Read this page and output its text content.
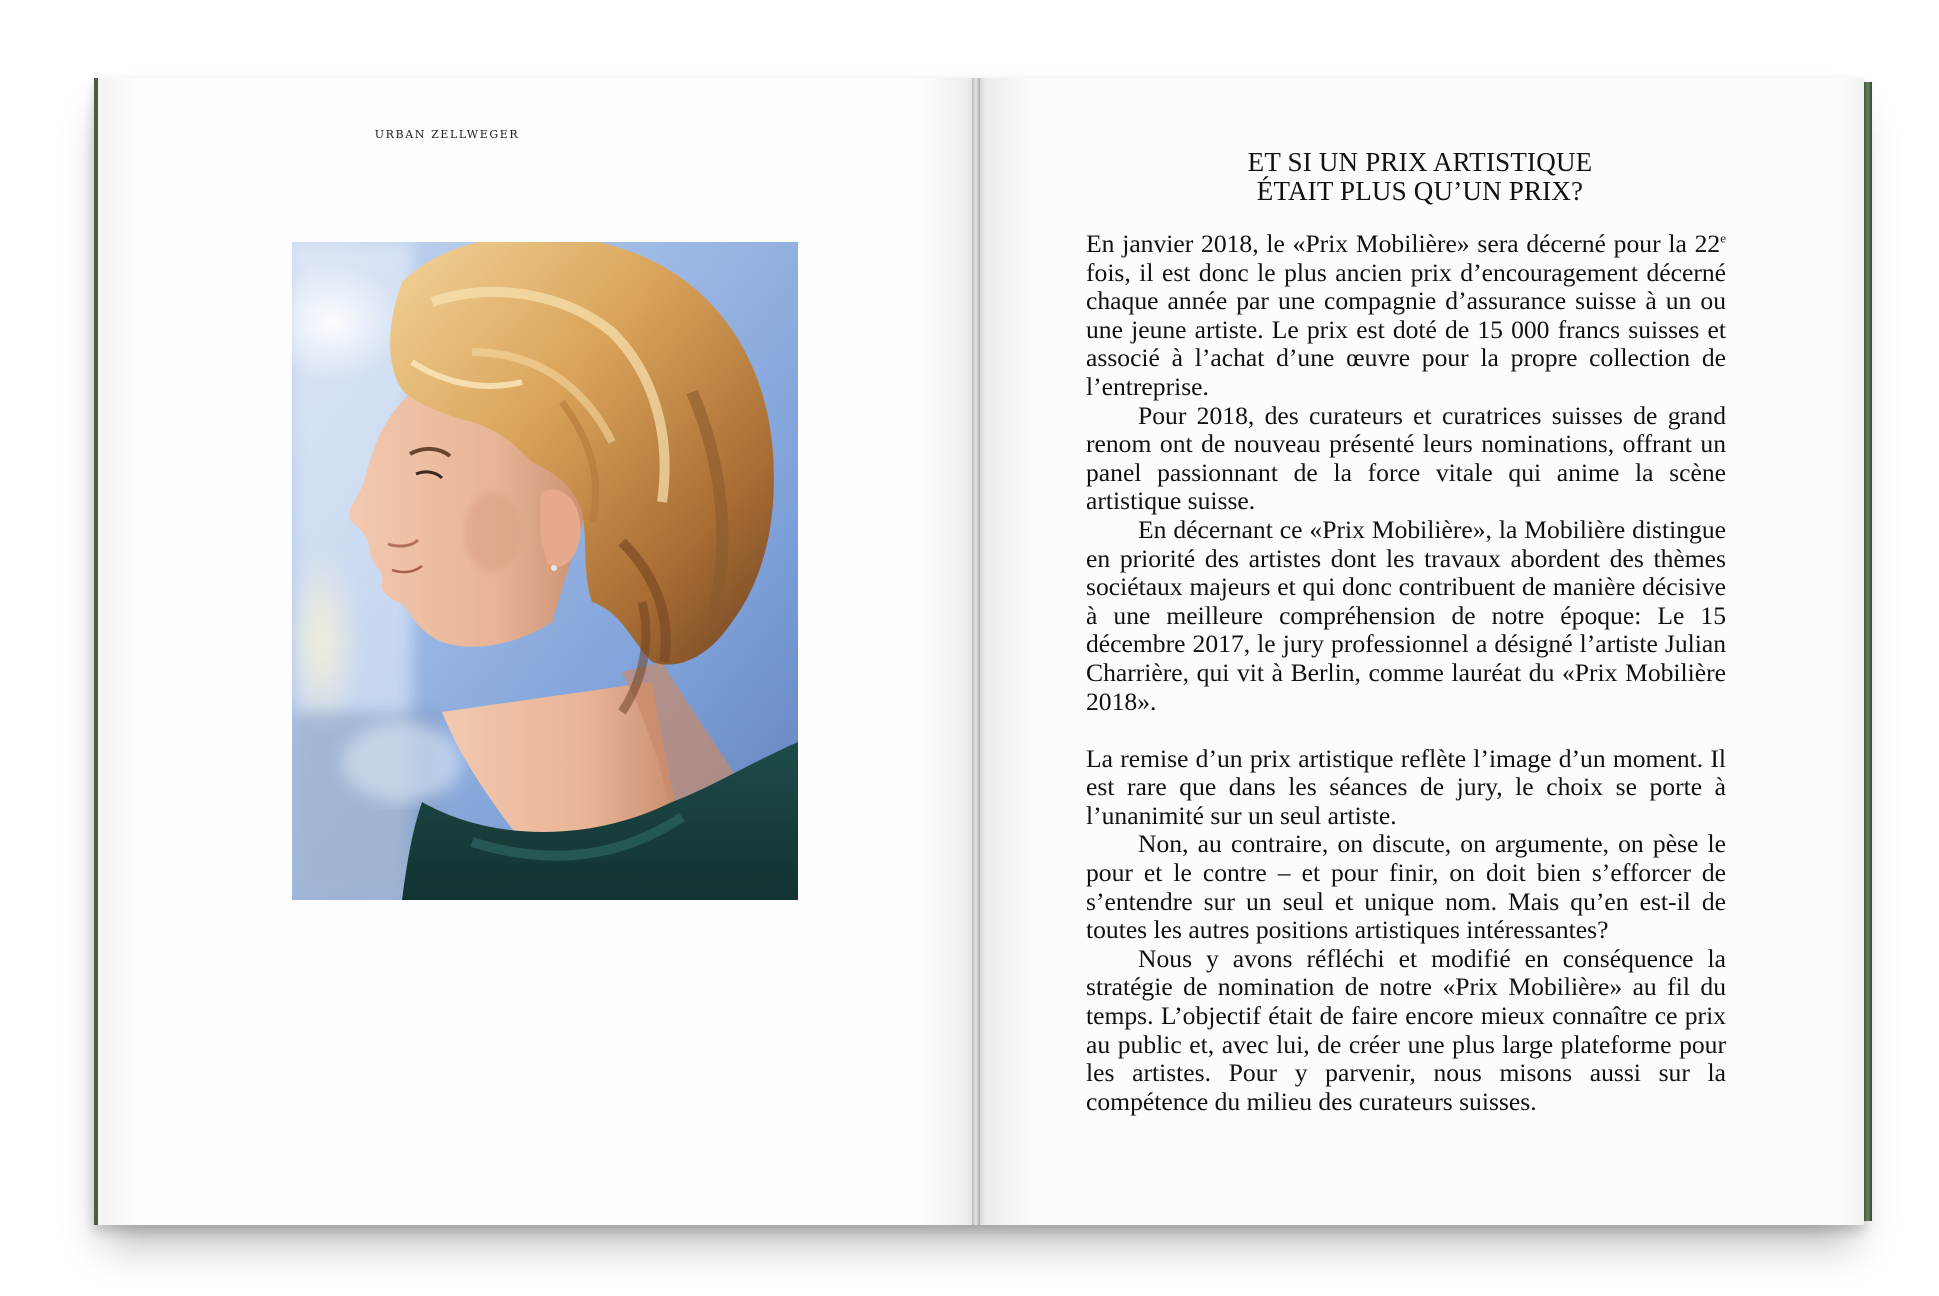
URBAN ZELLWEGER
ET SI UN PRIX ARTISTIQUE
ÉTAIT PLUS QU’UN PRIX?

En janvier 2018, le «Prix Mobilière» sera décerné pour la 22e fois, il est donc le plus ancien prix d’encouragement décerné chaque année par une compagnie d’assurance suisse à un ou une jeune artiste. Le prix est doté de 15 000 francs suisses et associé à l’achat d’une œuvre pour la propre collection de l’entreprise.

Pour 2018, des curateurs et curatrices suisses de grand renom ont de nouveau présenté leurs nominations, offrant un panel passionnant de la force vitale qui anime la scène artistique suisse.

En décernant ce «Prix Mobilière», la Mobilière distingue en priorité des artistes dont les travaux abordent des thèmes sociétaux majeurs et qui donc contribuent de manière décisive à une meilleure compréhension de notre époque: Le 15 décembre 2017, le jury professionnel a désigné l’artiste Julian Charrière, qui vit à Berlin, comme lauréat du «Prix Mobilière 2018».

La remise d’un prix artistique reflète l’image d’un moment. Il est rare que dans les séances de jury, le choix se porte à l’unanimité sur un seul artiste.

Non, au contraire, on discute, on argumente, on pèse le pour et le contre – et pour finir, on doit bien s’efforcer de s’entendre sur un seul et unique nom. Mais qu’en est-il de toutes les autres positions artistiques intéressantes?

Nous y avons réfléchi et modifié en conséquence la stratégie de nomination de notre «Prix Mobilière» au fil du temps. L’objectif était de faire encore mieux connaître ce prix au public et, avec lui, de créer une plus large plateforme pour les artistes. Pour y parvenir, nous misons aussi sur la compétence du milieu des curateurs suisses.
